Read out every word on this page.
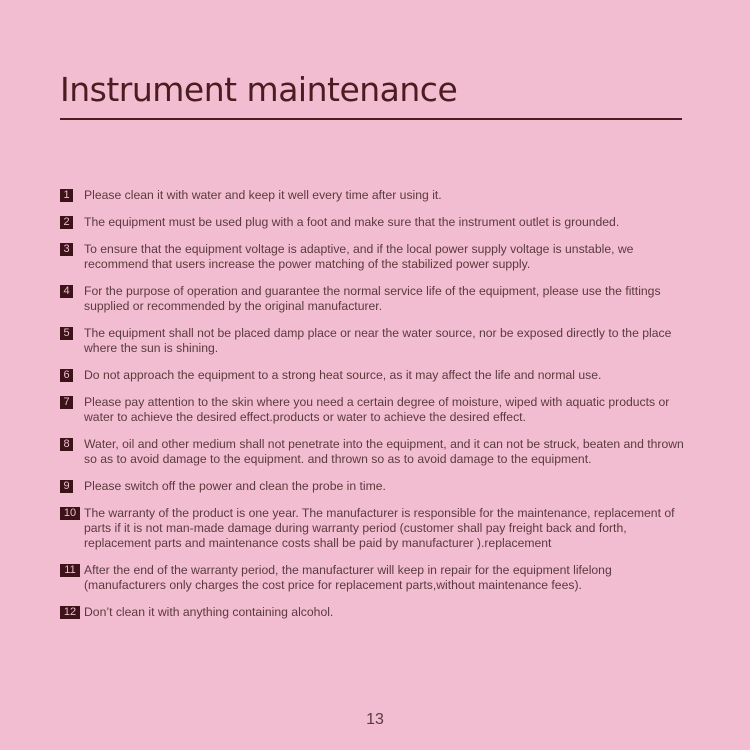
Instrument maintenance
1 Please clean it with water and keep it well every time after using it.
2 The equipment must be used plug with a foot and make sure that the instrument outlet is grounded.
3 To ensure that the equipment voltage is adaptive, and if the local power supply voltage is unstable, we recommend that users increase the power matching of the stabilized power supply.
4 For the purpose of operation and guarantee the normal service life of the equipment, please use the fittings supplied or recommended by the original manufacturer.
5 The equipment shall not be placed damp place or near the water source, nor be exposed directly to the place where the sun is shining.
6 Do not approach the equipment to a strong heat source, as it may affect the life and normal use.
7 Please pay attention to the skin where you need a certain degree of moisture, wiped with aquatic products or water to achieve the desired effect.products or water to achieve the desired effect.
8 Water, oil and other medium shall not penetrate into the equipment, and it can not be struck, beaten and thrown so as to avoid damage to the equipment. and thrown so as to avoid damage to the equipment.
9 Please switch off the power and clean the probe in time.
10 The warranty of the product is one year. The manufacturer is responsible for the maintenance, replacement of parts if it is not man-made damage during warranty period (customer shall pay freight back and forth, replacement parts and maintenance costs shall be paid by manufacturer ).replacement
11 After the end of the warranty period, the manufacturer will keep in repair for the equipment lifelong (manufacturers only charges the cost price for replacement parts,without maintenance fees).
12 Don’t clean it with anything containing alcohol.
13
